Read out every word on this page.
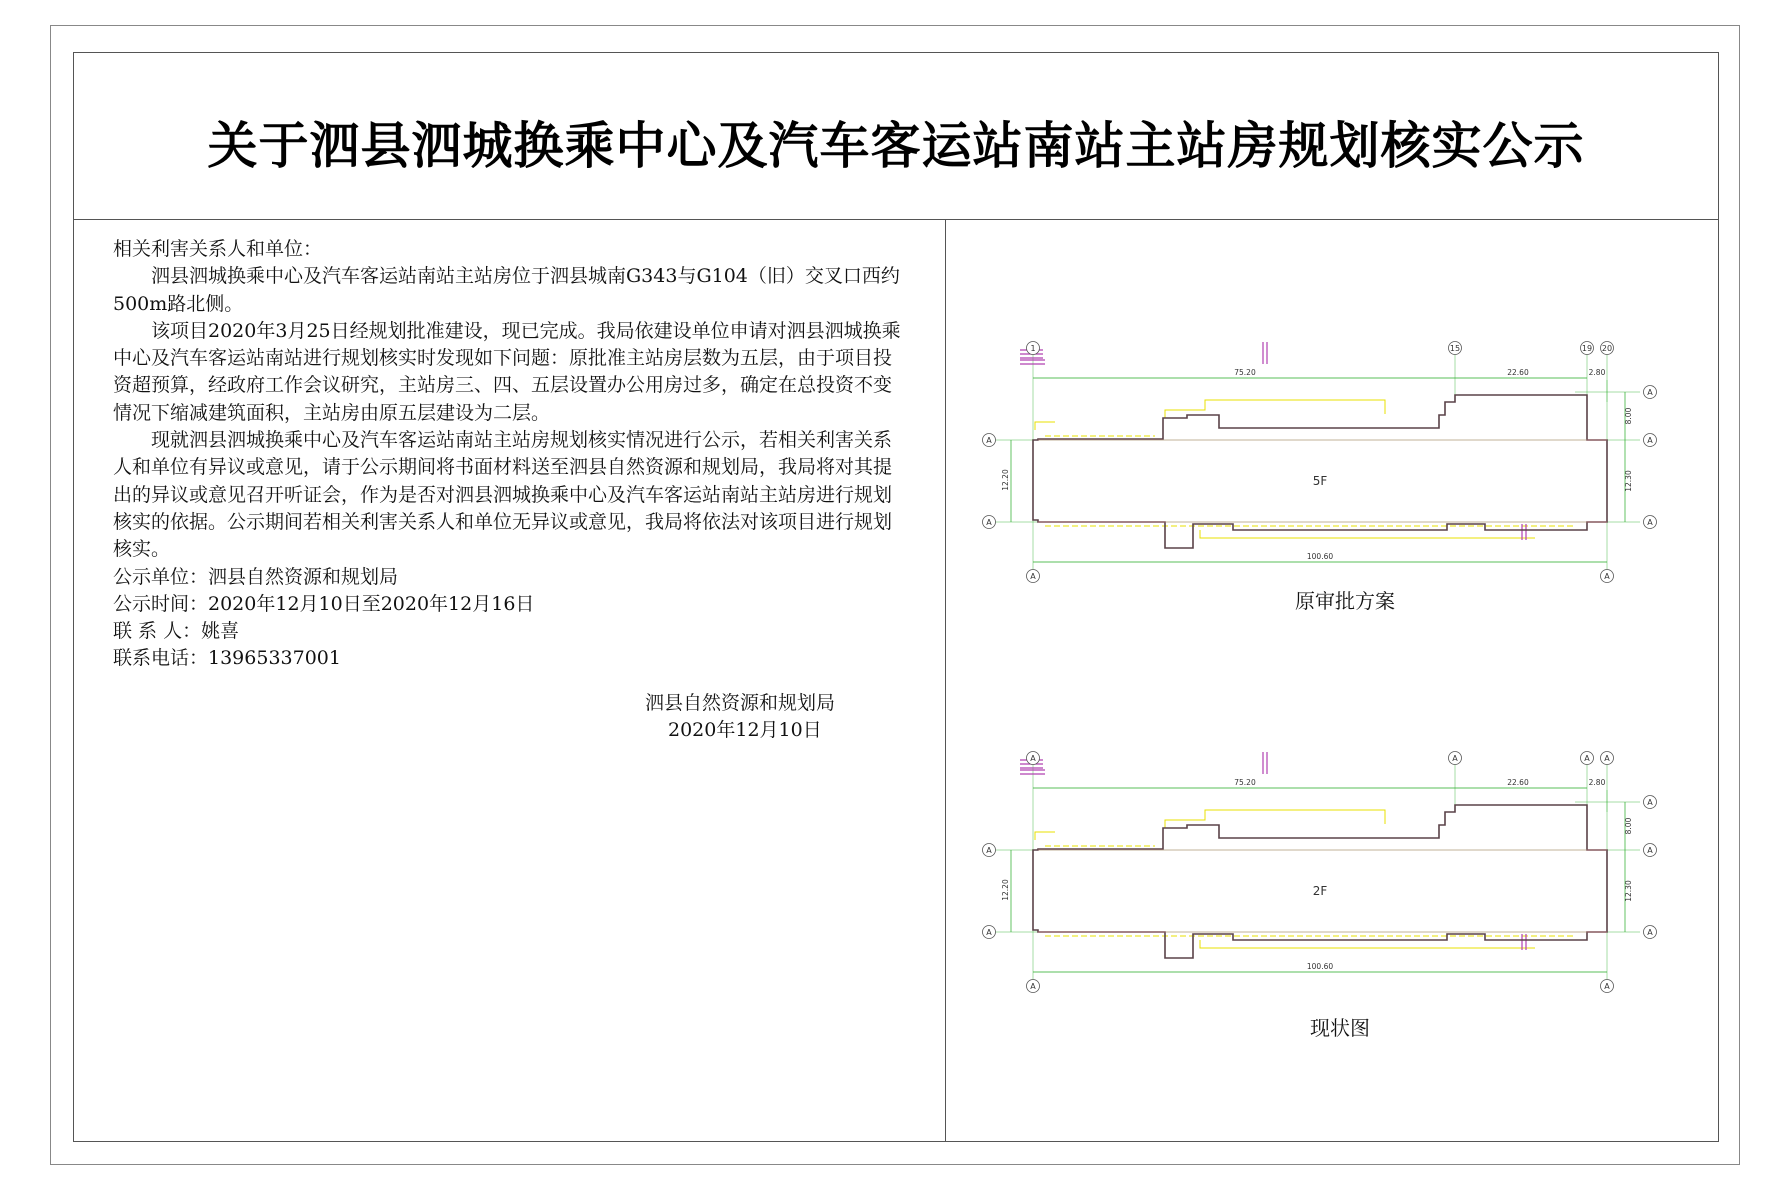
关于泗县泗城换乘中心及汽车客运站南站主站房规划核实公示

相关利害关系人和单位：

泗县泗城换乘中心及汽车客运站南站主站房位于泗县城南G343与G104（旧）交叉口西约500m路北侧。

该项目2020年3月25日经规划批准建设，现已完成。我局依建设单位申请对泗县泗城换乘中心及汽车客运站南站进行规划核实时发现如下问题：原批准主站房层数为五层，由于项目投资超预算，经政府工作会议研究，主站房三、四、五层设置办公用房过多，确定在总投资不变情况下缩减建筑面积，主站房由原五层建设为二层。

现就泗县泗城换乘中心及汽车客运站南站主站房规划核实情况进行公示，若相关利害关系人和单位有异议或意见，请于公示期间将书面材料送至泗县自然资源和规划局，我局将对其提出的异议或意见召开听证会，作为是否对泗县泗城换乘中心及汽车客运站南站主站房进行规划核实的依据。公示期间若相关利害关系人和单位无异议或意见，我局将依法对该项目进行规划核实。

公示单位：泗县自然资源和规划局

公示时间：2020年12月10日至2020年12月16日

联 系 人：姚喜

联系电话：13965337001

泗县自然资源和规划局
2020年12月10日
75.20	22.60	2.80
100.60
12.20
8.00
12.30
5F
1	15	19 20
A	A
A
A
A
A
A
原审批方案
75.20	22.60	2.80
100.60
12.20
8.00
12.30
2F
A	A	A A
A	A
A
A
A
A
A
现状图
